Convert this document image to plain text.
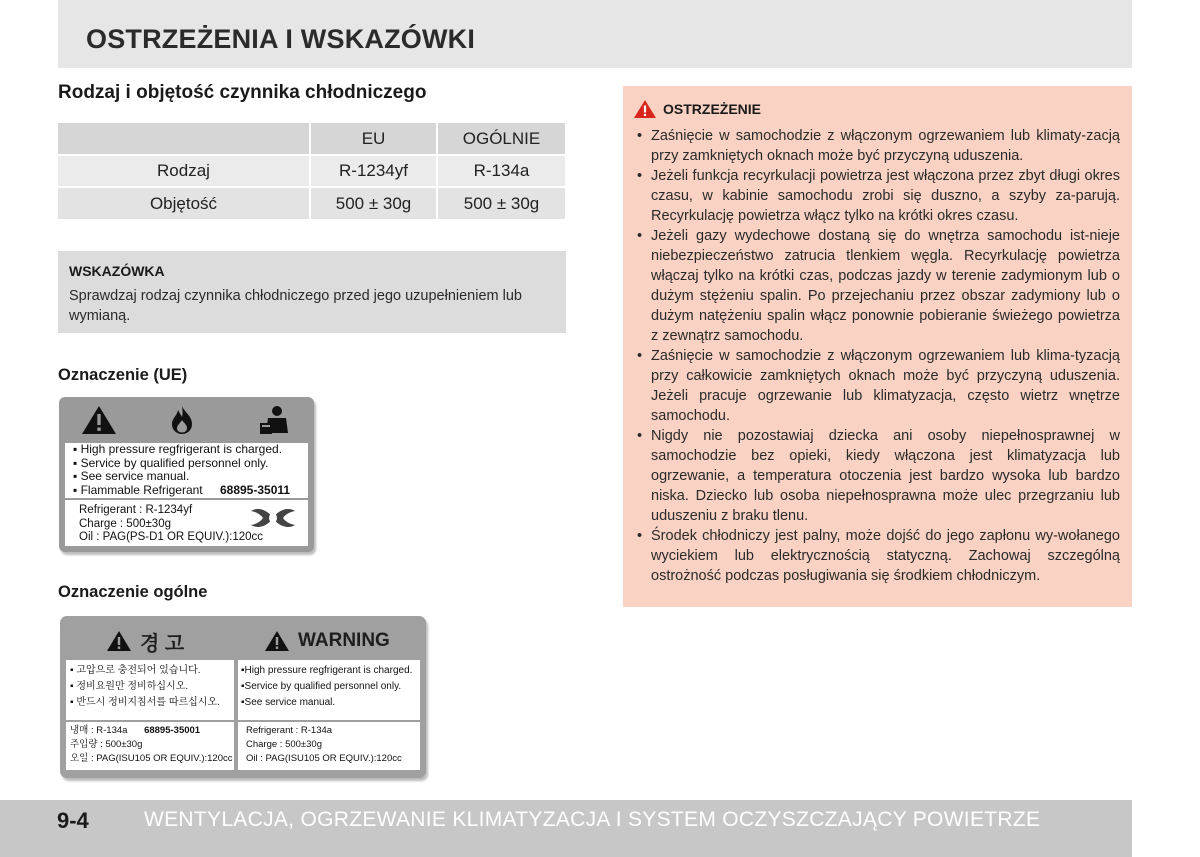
OSTRZEŻENIA I WSKAZÓWKI
Rodzaj i objętość czynnika chłodniczego
	EU	OGÓLNIE
Rodzaj	R-1234yf	R-134a
Objętość	500 ± 30g	500 ± 30g
WSKAZÓWKA
Sprawdzaj rodzaj czynnika chłodniczego przed jego uzupełnieniem lub wymianą.
Oznaczenie (UE)
▪ High pressure regfrigerant is charged.
▪ Service by qualified personnel only.
▪ See service manual.
▪ Flammable Refrigerant 68895-35011
Refrigerant : R-1234yf
Charge : 500±30g
Oil : PAG(PS-D1 OR EQUIV.):120cc
Oznaczenie ogólne
경 고	WARNING
▪ 고압으로 충전되어 있습니다.
▪ 정비요원만 정비하십시오.
▪ 반드시 정비지침서를 따르십시오.
▪High pressure regfrigerant is charged.
▪Service by qualified personnel only.
▪See service manual.
냉매 : R-134a 68895-35001
주입량 : 500±30g
오일 : PAG(ISU105 OR EQUIV.):120cc
Refrigerant : R-134a
Charge : 500±30g
Oil : PAG(ISU105 OR EQUIV.):120cc
OSTRZEŻENIE
• Zaśnięcie w samochodzie z włączonym ogrzewaniem lub klimaty-zacją przy zamkniętych oknach może być przyczyną uduszenia.
• Jeżeli funkcja recyrkulacji powietrza jest włączona przez zbyt długi okres czasu, w kabinie samochodu zrobi się duszno, a szyby za-parują. Recyrkulację powietrza włącz tylko na krótki okres czasu.
• Jeżeli gazy wydechowe dostaną się do wnętrza samochodu ist-nieje niebezpieczeństwo zatrucia tlenkiem węgla. Recyrkulację powietrza włączaj tylko na krótki czas, podczas jazdy w terenie zadymionym lub o dużym stężeniu spalin. Po przejechaniu przez obszar zadymiony lub o dużym natężeniu spalin włącz ponownie pobieranie świeżego powietrza z zewnątrz samochodu.
• Zaśnięcie w samochodzie z włączonym ogrzewaniem lub klima-tyzacją przy całkowicie zamkniętych oknach może być przyczyną uduszenia. Jeżeli pracuje ogrzewanie lub klimatyzacja, często wietrz wnętrze samochodu.
• Nigdy nie pozostawiaj dziecka ani osoby niepełnosprawnej w samochodzie bez opieki, kiedy włączona jest klimatyzacja lub ogrzewanie, a temperatura otoczenia jest bardzo wysoka lub bardzo niska. Dziecko lub osoba niepełnosprawna może ulec przegrzaniu lub uduszeniu z braku tlenu.
• Środek chłodniczy jest palny, może dojść do jego zapłonu wy-wołanego wyciekiem lub elektrycznością statyczną. Zachowaj szczególną ostrożność podczas posługiwania się środkiem chłodniczym.
9-4	WENTYLACJA, OGRZEWANIE KLIMATYZACJA I SYSTEM OCZYSZCZAJĄCY POWIETRZE
